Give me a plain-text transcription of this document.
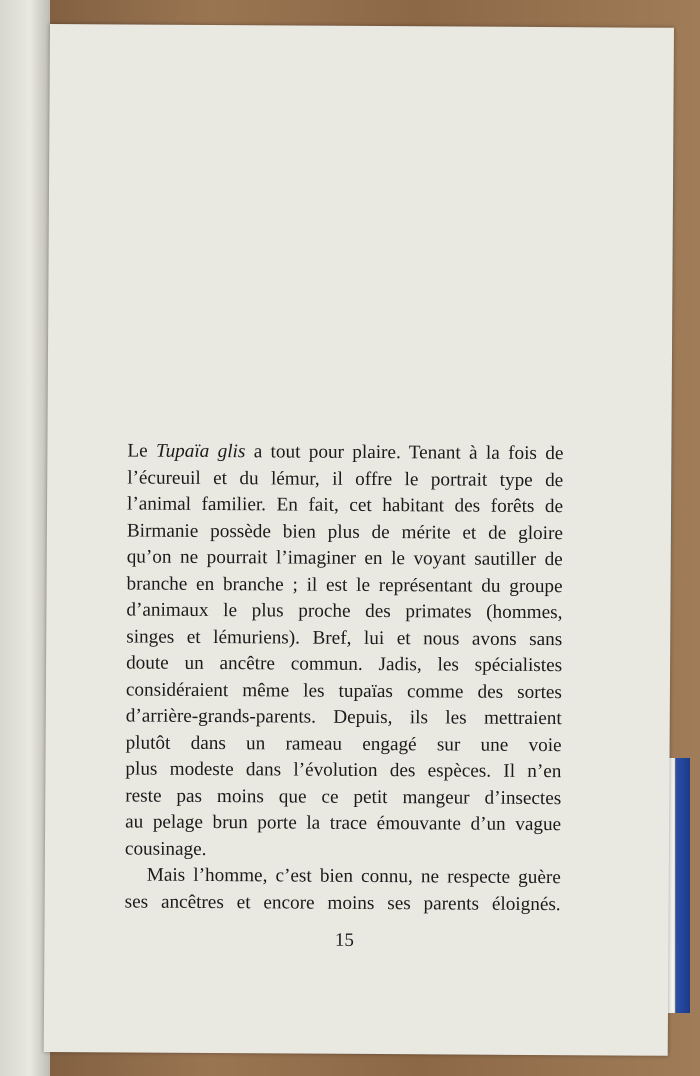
Le Tupaïa glis a tout pour plaire. Tenant à la fois de
l’écureuil et du lémur, il offre le portrait type de
l’animal familier. En fait, cet habitant des forêts de
Birmanie possède bien plus de mérite et de gloire
qu’on ne pourrait l’imaginer en le voyant sautiller de
branche en branche ; il est le représentant du groupe
d’animaux le plus proche des primates (hommes,
singes et lémuriens). Bref, lui et nous avons sans
doute un ancêtre commun. Jadis, les spécialistes
considéraient même les tupaïas comme des sortes
d’arrière-grands-parents. Depuis, ils les mettraient
plutôt dans un rameau engagé sur une voie
plus modeste dans l’évolution des espèces. Il n’en
reste pas moins que ce petit mangeur d’insectes
au pelage brun porte la trace émouvante d’un vague
cousinage.
Mais l’homme, c’est bien connu, ne respecte guère
ses ancêtres et encore moins ses parents éloignés.
15
